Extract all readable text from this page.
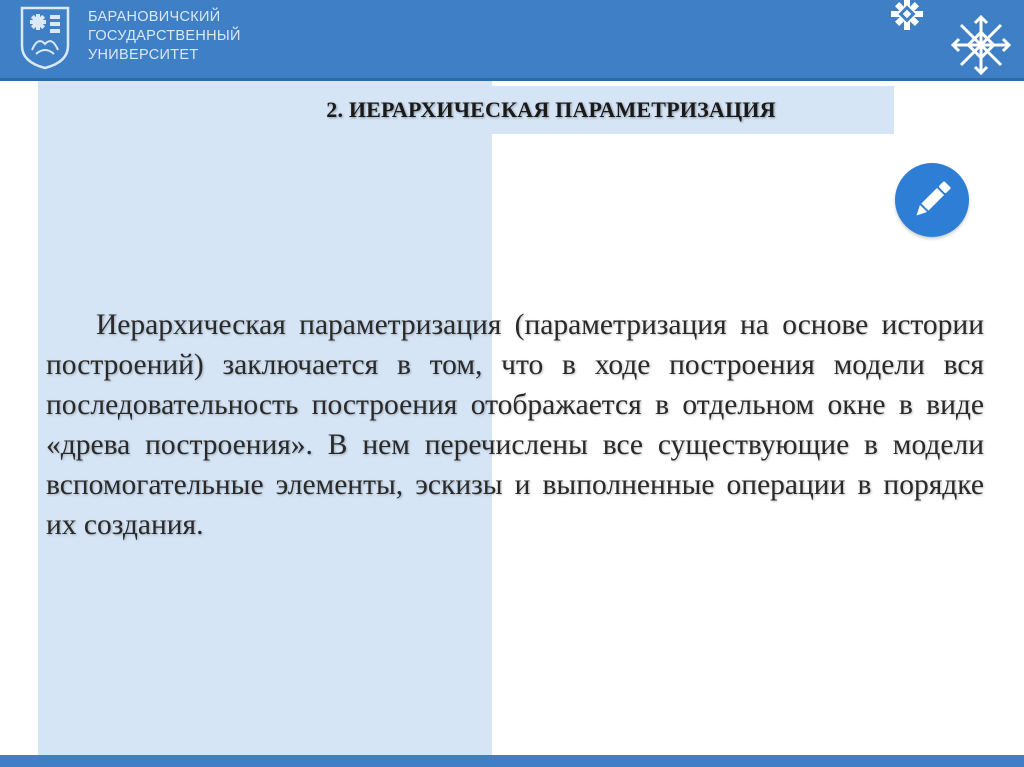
БАРАНОВИЧСКИЙ
ГОСУДАРСТВЕННЫЙ
УНИВЕРСИТЕТ
2. ИЕРАРХИЧЕСКАЯ ПАРАМЕТРИЗАЦИЯ

Иерархическая параметризация (параметризация на основе истории построений) заключается в том, что в ходе построения модели вся последовательность построения отображается в отдельном окне в виде «древа построения». В нем перечислены все существующие в модели вспомогательные элементы, эскизы и выполненные операции в порядке их создания.
